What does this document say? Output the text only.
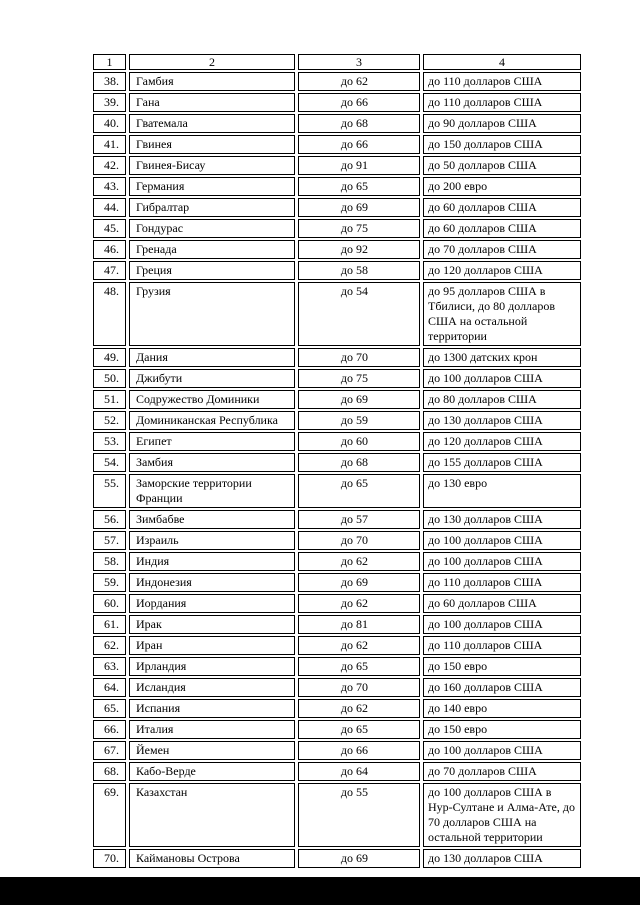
1	2	3	4
38.	Гамбия	до 62	до 110 долларов США
39.	Гана	до 66	до 110 долларов США
40.	Гватемала	до 68	до 90 долларов США
41.	Гвинея	до 66	до 150 долларов США
42.	Гвинея-Бисау	до 91	до 50 долларов США
43.	Германия	до 65	до 200 евро
44.	Гибралтар	до 69	до 60 долларов США
45.	Гондурас	до 75	до 60 долларов США
46.	Гренада	до 92	до 70 долларов США
47.	Греция	до 58	до 120 долларов США
48.	Грузия	до 54	до 95 долларов США в Тбилиси, до 80 долларов США на остальной территории
49.	Дания	до 70	до 1300 датских крон
50.	Джибути	до 75	до 100 долларов США
51.	Содружество Доминики	до 69	до 80 долларов США
52.	Доминиканская Республика	до 59	до 130 долларов США
53.	Египет	до 60	до 120 долларов США
54.	Замбия	до 68	до 155 долларов США
55.	Заморские территории Франции	до 65	до 130 евро
56.	Зимбабве	до 57	до 130 долларов США
57.	Израиль	до 70	до 100 долларов США
58.	Индия	до 62	до 100 долларов США
59.	Индонезия	до 69	до 110 долларов США
60.	Иордания	до 62	до 60 долларов США
61.	Ирак	до 81	до 100 долларов США
62.	Иран	до 62	до 110 долларов США
63.	Ирландия	до 65	до 150 евро
64.	Исландия	до 70	до 160 долларов США
65.	Испания	до 62	до 140 евро
66.	Италия	до 65	до 150 евро
67.	Йемен	до 66	до 100 долларов США
68.	Кабо-Верде	до 64	до 70 долларов США
69.	Казахстан	до 55	до 100 долларов США в Нур-Султане и Алма-Ате, до 70 долларов США на остальной территории
70.	Каймановы Острова	до 69	до 130 долларов США
